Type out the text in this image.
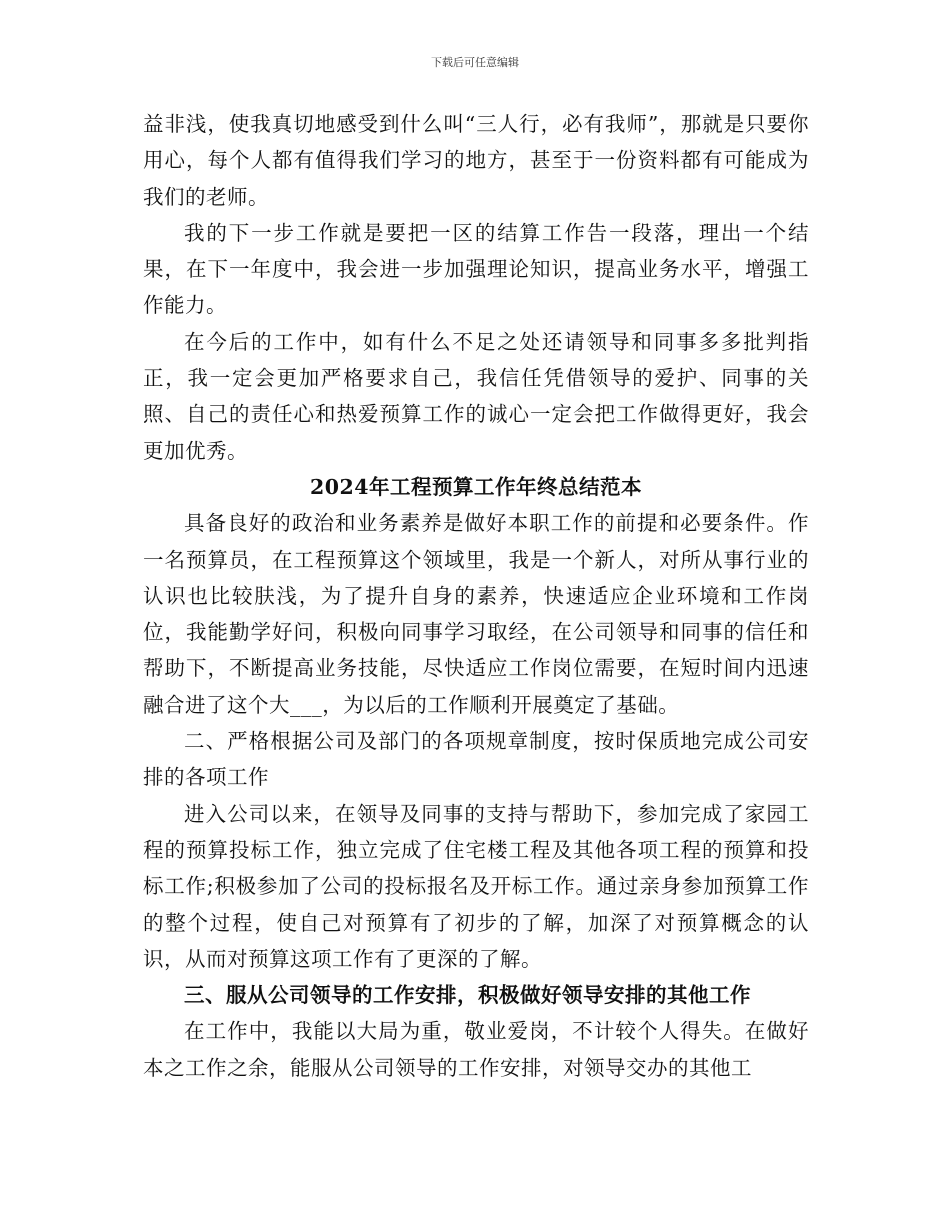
下载后可任意编辑

益非浅，使我真切地感受到什么叫“三人行，必有我师”，那就是只要你用心，每个人都有值得我们学习的地方，甚至于一份资料都有可能成为我们的老师。

我的下一步工作就是要把一区的结算工作告一段落，理出一个结果，在下一年度中，我会进一步加强理论知识，提高业务水平，增强工作能力。

在今后的工作中，如有什么不足之处还请领导和同事多多批判指正，我一定会更加严格要求自己，我信任凭借领导的爱护、同事的关照、自己的责任心和热爱预算工作的诚心一定会把工作做得更好，我会更加优秀。

2024年工程预算工作年终总结范本

具备良好的政治和业务素养是做好本职工作的前提和必要条件。作一名预算员，在工程预算这个领域里，我是一个新人，对所从事行业的认识也比较肤浅，为了提升自身的素养，快速适应企业环境和工作岗位，我能勤学好问，积极向同事学习取经，在公司领导和同事的信任和帮助下，不断提高业务技能，尽快适应工作岗位需要，在短时间内迅速融合进了这个大___，为以后的工作顺利开展奠定了基础。

二、严格根据公司及部门的各项规章制度，按时保质地完成公司安排的各项工作

进入公司以来，在领导及同事的支持与帮助下，参加完成了家园工程的预算投标工作，独立完成了住宅楼工程及其他各项工程的预算和投标工作;积极参加了公司的投标报名及开标工作。通过亲身参加预算工作的整个过程，使自己对预算有了初步的了解，加深了对预算概念的认识，从而对预算这项工作有了更深的了解。

三、服从公司领导的工作安排，积极做好领导安排的其他工作

在工作中，我能以大局为重，敬业爱岗，不计较个人得失。在做好本之工作之余，能服从公司领导的工作安排，对领导交办的其他工
